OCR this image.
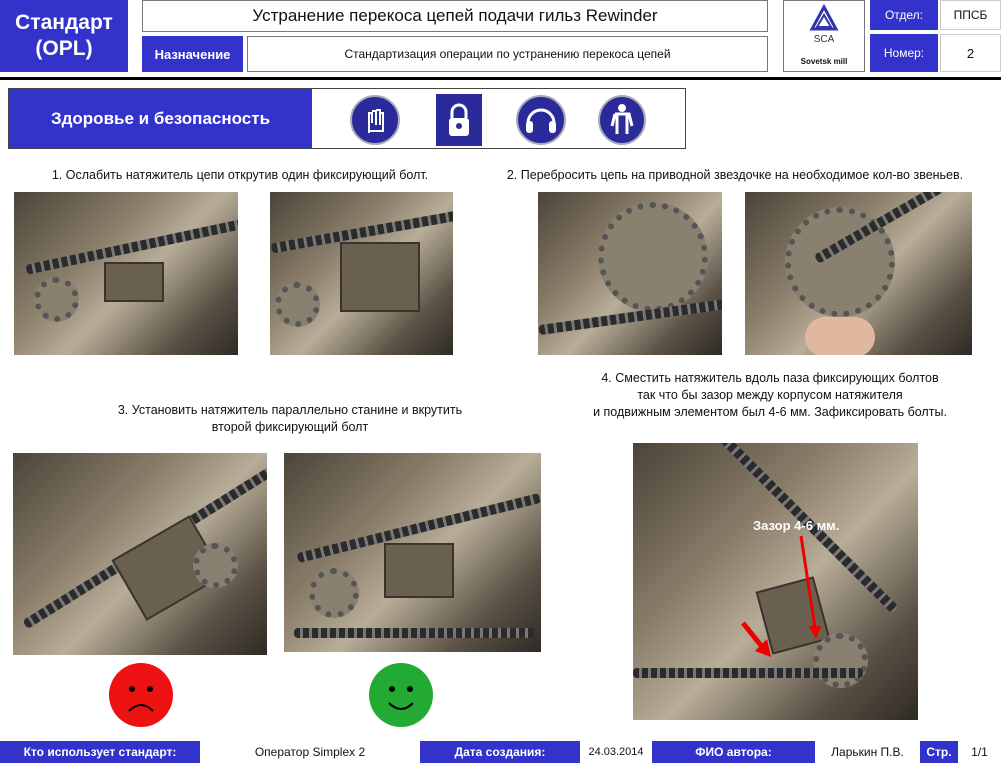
Стандарт
(OPL)
Устранение перекоса цепей подачи гильз Rewinder
Назначение	Стандартизация операции по устранению перекоса цепей
SCA
Sovetsk mill
Отдел:	ППСБ
Номер:	2
Здоровье и безопасность
1. Ослабить натяжитель цепи открутив один фиксирующий болт.	2. Перебросить цепь на приводной звездочке на необходимое кол-во звеньев.
3. Установить натяжитель параллельно станине и вкрутить
второй фиксирующий болт
4. Сместить натяжитель вдоль паза фиксирующих болтов
так что бы зазор между корпусом натяжителя
и подвижным элементом был 4-6 мм. Зафиксировать болты.
Зазор 4-6 мм.
Кто использует стандарт:	Оператор Simplex 2	Дата создания:	24.03.2014	ФИО автора:	Ларькин П.В.	Стр.	1/1
